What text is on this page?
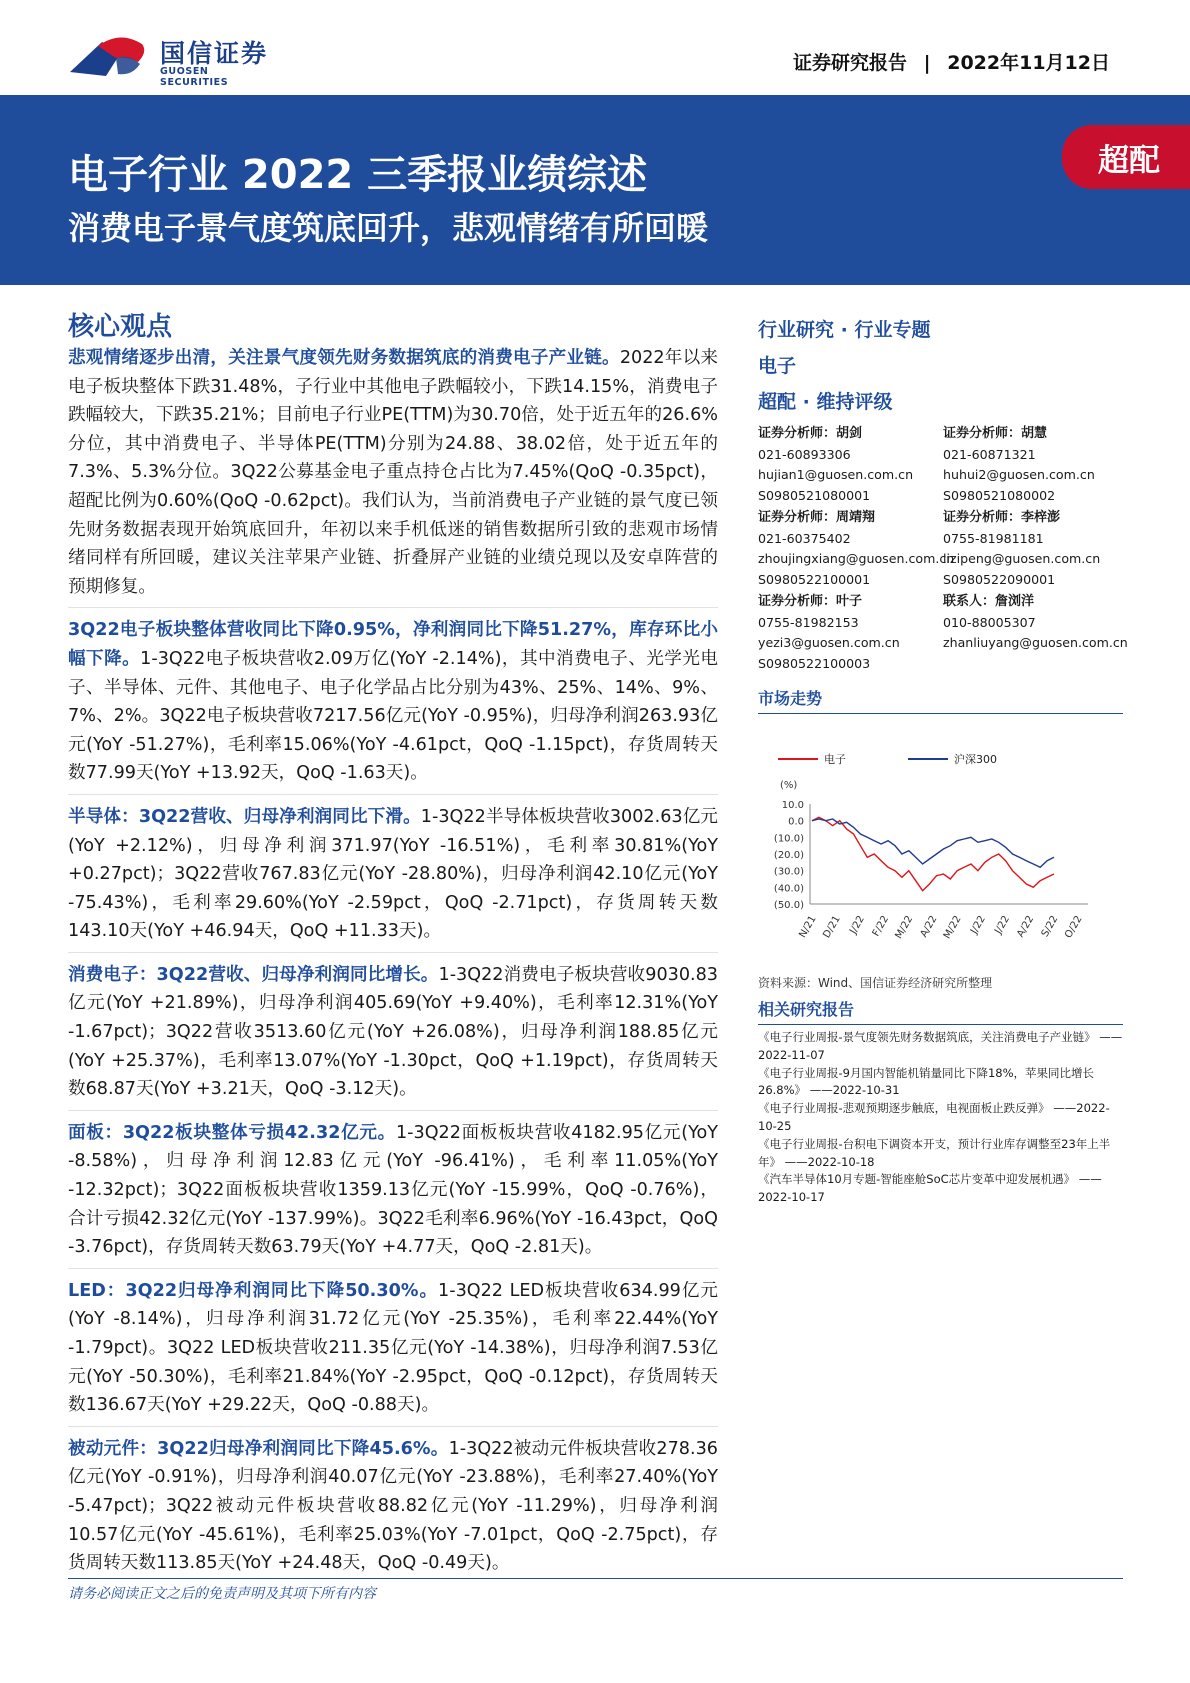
国信证券
GUOSEN SECURITIES
证券研究报告 | 2022年11月12日
电子行业 2022 三季报业绩综述
消费电子景气度筑底回升，悲观情绪有所回暖
超配
核心观点

悲观情绪逐步出清，关注景气度领先财务数据筑底的消费电子产业链。2022年以来电子板块整体下跌31.48%，子行业中其他电子跌幅较小，下跌14.15%，消费电子跌幅较大，下跌35.21%；目前电子行业PE(TTM)为30.70倍，处于近五年的26.6%分位，其中消费电子、半导体PE(TTM)分别为24.88、38.02倍，处于近五年的7.3%、5.3%分位。3Q22公募基金电子重点持仓占比为7.45%(QoQ -0.35pct)，超配比例为0.60%(QoQ -0.62pct)。我们认为，当前消费电子产业链的景气度已领先财务数据表现开始筑底回升，年初以来手机低迷的销售数据所引致的悲观市场情绪同样有所回暖，建议关注苹果产业链、折叠屏产业链的业绩兑现以及安卓阵营的预期修复。

3Q22电子板块整体营收同比下降0.95%，净利润同比下降51.27%，库存环比小幅下降。1-3Q22电子板块营收2.09万亿(YoY -2.14%)，其中消费电子、光学光电子、半导体、元件、其他电子、电子化学品占比分别为43%、25%、14%、9%、7%、2%。3Q22电子板块营收7217.56亿元(YoY -0.95%)，归母净利润263.93亿元(YoY -51.27%)，毛利率15.06%(YoY -4.61pct，QoQ -1.15pct)，存货周转天数77.99天(YoY +13.92天，QoQ -1.63天)。

半导体：3Q22营收、归母净利润同比下滑。1-3Q22半导体板块营收3002.63亿元(YoY +2.12%)，归母净利润371.97(YoY -16.51%)，毛利率30.81%(YoY +0.27pct)；3Q22营收767.83亿元(YoY -28.80%)，归母净利润42.10亿元(YoY -75.43%)，毛利率29.60%(YoY -2.59pct，QoQ -2.71pct)，存货周转天数143.10天(YoY +46.94天，QoQ +11.33天)。

消费电子：3Q22营收、归母净利润同比增长。1-3Q22消费电子板块营收9030.83亿元(YoY +21.89%)，归母净利润405.69(YoY +9.40%)，毛利率12.31%(YoY -1.67pct)；3Q22营收3513.60亿元(YoY +26.08%)，归母净利润188.85亿元(YoY +25.37%)，毛利率13.07%(YoY -1.30pct，QoQ +1.19pct)，存货周转天数68.87天(YoY +3.21天，QoQ -3.12天)。

面板：3Q22板块整体亏损42.32亿元。1-3Q22面板板块营收4182.95亿元(YoY -8.58%)，归母净利润12.83亿元(YoY -96.41%)，毛利率11.05%(YoY -12.32pct)；3Q22面板板块营收1359.13亿元(YoY -15.99%，QoQ -0.76%)，合计亏损42.32亿元(YoY -137.99%)。3Q22毛利率6.96%(YoY -16.43pct，QoQ -3.76pct)，存货周转天数63.79天(YoY +4.77天，QoQ -2.81天)。

LED：3Q22归母净利润同比下降50.30%。1-3Q22 LED板块营收634.99亿元(YoY -8.14%)，归母净利润31.72亿元(YoY -25.35%)，毛利率22.44%(YoY -1.79pct)。3Q22 LED板块营收211.35亿元(YoY -14.38%)，归母净利润7.53亿元(YoY -50.30%)，毛利率21.84%(YoY -2.95pct，QoQ -0.12pct)，存货周转天数136.67天(YoY +29.22天，QoQ -0.88天)。

被动元件：3Q22归母净利润同比下降45.6%。1-3Q22被动元件板块营收278.36亿元(YoY -0.91%)，归母净利润40.07亿元(YoY -23.88%)，毛利率27.40%(YoY -5.47pct)；3Q22被动元件板块营收88.82亿元(YoY -11.29%)，归母净利润10.57亿元(YoY -45.61%)，毛利率25.03%(YoY -7.01pct，QoQ -2.75pct)，存货周转天数113.85天(YoY +24.48天，QoQ -0.49天)。

行业研究 · 行业专题
电子
超配 · 维持评级
证券分析师：胡剑
021-60893306
hujian1@guosen.com.cn
S0980521080001
证券分析师：胡慧
021-60871321
huhui2@guosen.com.cn
S0980521080002
证券分析师：周靖翔
021-60375402
zhoujingxiang@guosen.com.cn
S0980522100001
证券分析师：李梓澎
0755-81981181
lizipeng@guosen.com.cn
S0980522090001
证券分析师：叶子
0755-81982153
yezi3@guosen.com.cn
S0980522100003
联系人：詹浏洋
010-88005307
zhanliuyang@guosen.com.cn
市场走势
电子	沪深300
(%)
10.0
0.0
(10.0)
(20.0)
(30.0)
(40.0)
(50.0)
N/21 D/21 J/22 F/22 M/22 A/22 M/22 J/22 J/22 A/22 S/22 O/22
资料来源：Wind、国信证券经济研究所整理
相关研究报告
《电子行业周报-景气度领先财务数据筑底，关注消费电子产业链》 ——2022-11-07
《电子行业周报-9月国内智能机销量同比下降18%，苹果同比增长26.8%》 ——2022-10-31
《电子行业周报-悲观预期逐步触底，电视面板止跌反弹》 ——2022-10-25
《电子行业周报-台积电下调资本开支，预计行业库存调整至23年上半年》 ——2022-10-18
《汽车半导体10月专题-智能座舱SoC芯片变革中迎发展机遇》 ——2022-10-17
请务必阅读正文之后的免责声明及其项下所有内容
